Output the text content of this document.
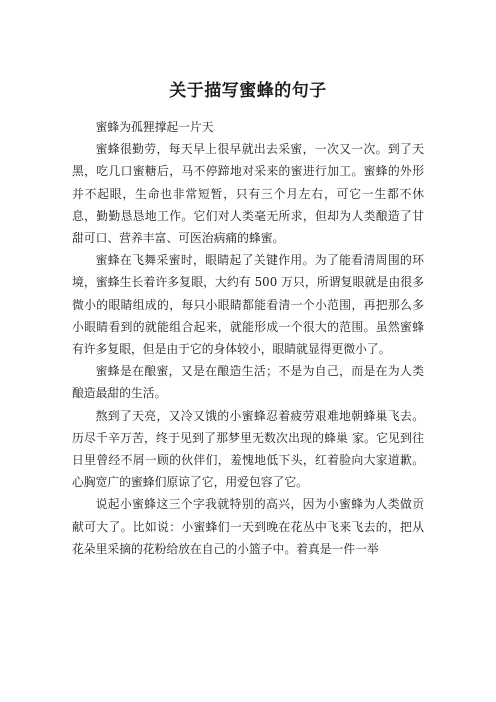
关于描写蜜蜂的句子

蜜蜂为孤狸撑起一片天

蜜蜂很勤劳，每天早上很早就出去采蜜，一次又一次。到了天黑，吃几口蜜糖后，马不停蹄地对采来的蜜进行加工。蜜蜂的外形并不起眼，生命也非常短暂，只有三个月左右，可它一生都不休息，勤勤恳恳地工作。它们对人类毫无所求，但却为人类酿造了甘甜可口、营养丰富、可医治病痛的蜂蜜。

蜜蜂在飞舞采蜜时，眼睛起了关键作用。为了能看清周围的环境，蜜蜂生长着许多复眼，大约有 500 万只，所谓复眼就是由很多微小的眼睛组成的，每只小眼睛都能看清一个小范围，再把那么多小眼睛看到的就能组合起来，就能形成一个很大的范围。虽然蜜蜂有许多复眼，但是由于它的身体较小，眼睛就显得更微小了。

蜜蜂是在酿蜜，又是在酿造生活；不是为自己，而是在为人类酿造最甜的生活。

熬到了天亮，又冷又饿的小蜜蜂忍着疲劳艰难地朝蜂巢飞去。历尽千辛万苦，终于见到了那梦里无数次出现的蜂巢 家。它见到往日里曾经不屑一顾的伙伴们，羞愧地低下头，红着脸向大家道歉。心胸宽广的蜜蜂们原谅了它，用爱包容了它。

说起小蜜蜂这三个字我就特别的高兴，因为小蜜蜂为人类做贡献可大了。比如说：小蜜蜂们一天到晚在花丛中飞来飞去的，把从花朵里采摘的花粉给放在自己的小篮子中。着真是一件一举
